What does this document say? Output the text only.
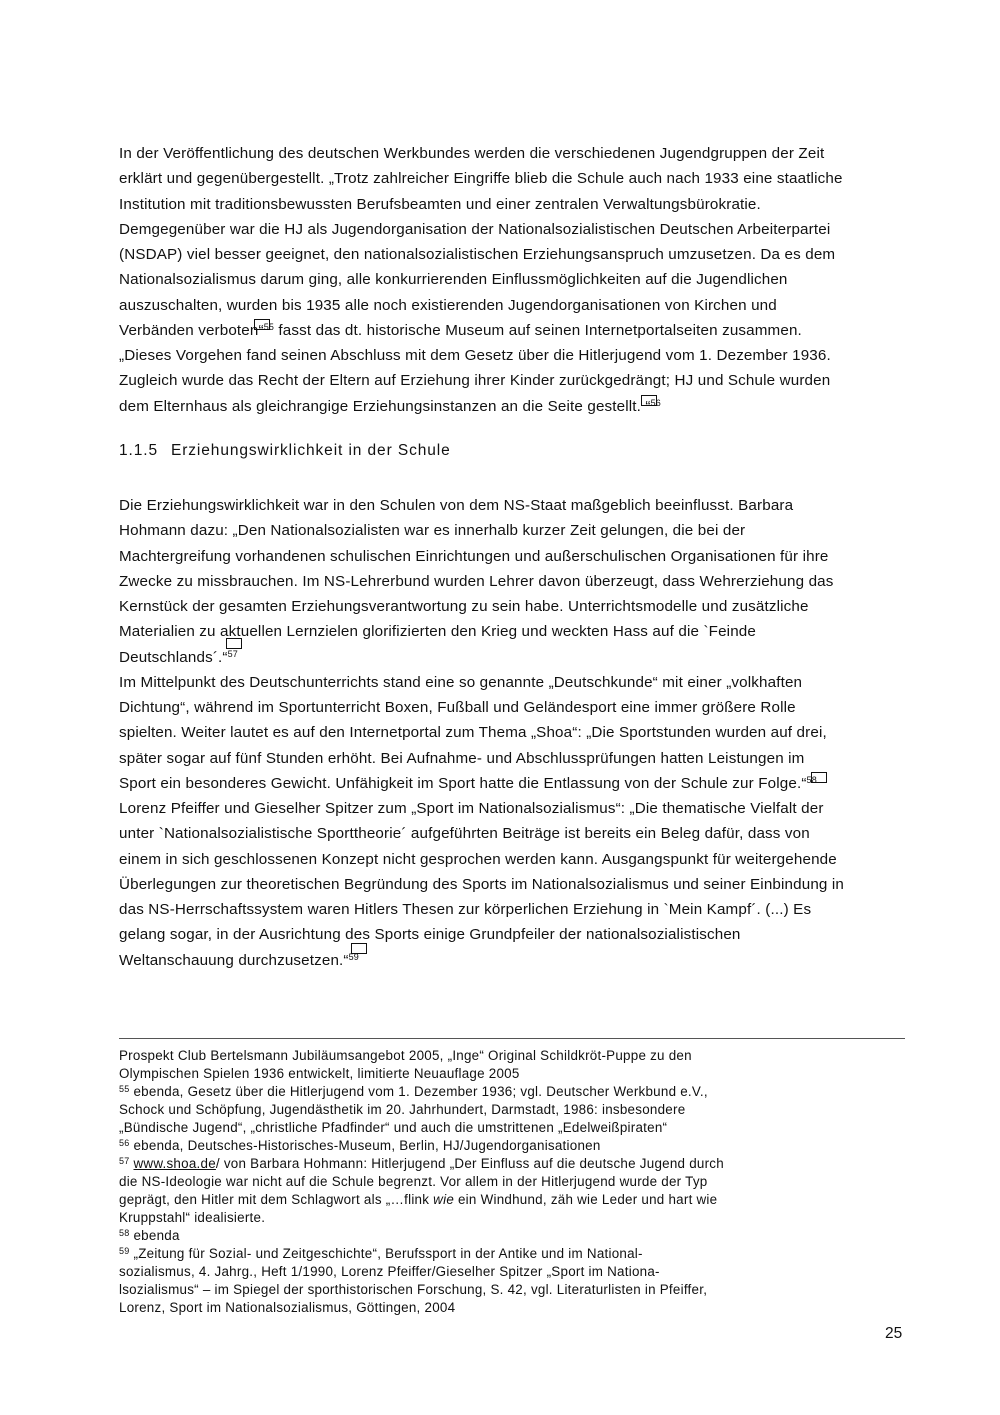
In der Veröffentlichung des deutschen Werkbundes werden die verschiedenen Jugendgruppen der Zeit

erklärt und gegenübergestellt. „Trotz zahlreicher Eingriffe blieb die Schule auch nach 1933 eine staatliche

Institution mit traditionsbewussten Berufsbeamten und einer zentralen Verwaltungsbürokratie.

Demgegenüber war die HJ als Jugendorganisation der Nationalsozialistischen Deutschen Arbeiterpartei

(NSDAP) viel besser geeignet, den nationalsozialistischen Erziehungsanspruch umzusetzen. Da es dem

Nationalsozialismus darum ging, alle konkurrierenden Einflussmöglichkeiten auf die Jugendlichen

auszuschalten, wurden bis 1935 alle noch existierenden Jugendorganisationen von Kirchen und

Verbänden verboten“
$^{55}$ fasst das dt. historische Museum auf seinen Internetportalseiten zusammen.

„Dieses Vorgehen fand seinen Abschluss mit dem Gesetz über die Hitlerjugend vom 1. Dezember 1936.

Zugleich wurde das Recht der Eltern auf Erziehung ihrer Kinder zurückgedrängt; HJ und Schule wurden

dem Elternhaus als gleichrangige Erziehungsinstanzen an die Seite gestellt. “
$^{56}$

1.1.5 Erziehungswirklichkeit in der Schule

Die Erziehungswirklichkeit war in den Schulen von dem NS-Staat maßgeblich beeinflusst. Barbara

Hohmann dazu: „Den Nationalsozialisten war es innerhalb kurzer Zeit gelungen, die bei der

Machtergreifung vorhandenen schulischen Einrichtungen und außerschulischen Organisationen für ihre

Zwecke zu missbrauchen. Im NS-Lehrerbund wurden Lehrer davon überzeugt, dass Wehrerziehung das

Kernstück der gesamten Erziehungsverantwortung zu sein habe. Unterrichtsmodelle und zusätzliche

Materialien zu aktuellen Lernzielen glorifizierten den Krieg und weckten Hass auf die `Feinde

Deutschlands´.“
$^{57}$

Im Mittelpunkt des Deutschunterrichts stand eine so genannte „Deutschkunde“ mit einer „volkhaften

Dichtung“, während im Sportunterricht Boxen, Fußball und Geländesport eine immer größere Rolle

spielten. Weiter lautet es auf den Internetportal zum Thema „Shoa“: „Die Sportstunden wurden auf drei,

später sogar auf fünf Stunden erhöht. Bei Aufnahme- und Abschlussprüfungen hatten Leistungen im

Sport ein besonderes Gewicht. Unfähigkeit im Sport hatte die Entlassung von der Schule zur Folge.“
$^{58}$

Lorenz Pfeiffer und Gieselher Spitzer zum „Sport im Nationalsozialismus“: „Die thematische Vielfalt der

unter `Nationalsozialistische Sporttheorie´ aufgeführten Beiträge ist bereits ein Beleg dafür, dass von

einem in sich geschlossenen Konzept nicht gesprochen werden kann. Ausgangspunkt für weitergehende

Überlegungen zur theoretischen Begründung des Sports im Nationalsozialismus und seiner Einbindung in

das NS-Herrschaftssystem waren Hitlers Thesen zur körperlichen Erziehung in `Mein Kampf´. (...) Es

gelang sogar, in der Ausrichtung des Sports einige Grundpfeiler der nationalsozialistischen

Weltanschauung durchzusetzen.“
$^{59}$

Prospekt Club Bertelsmann Jubiläumsangebot 2005, „Inge“ Original Schildkröt-Puppe zu den

Olympischen Spielen 1936 entwickelt, limitierte Neuauflage 2005

$^{55}$ ebenda, Gesetz über die Hitlerjugend vom 1. Dezember 1936; vgl. Deutscher Werkbund e.V.,

Schock und Schöpfung, Jugendästhetik im 20. Jahrhundert, Darmstadt, 1986: insbesondere

„Bündische Jugend“, „christliche Pfadfinder“ und auch die umstrittenen „Edelweißpiraten“

$^{56}$ ebenda, Deutsches-Historisches-Museum, Berlin, HJ/Jugendorganisationen

$^{57}$ www.shoa.de/ von Barbara Hohmann: Hitlerjugend „Der Einfluss auf die deutsche Jugend durch

die NS-Ideologie war nicht auf die Schule begrenzt. Vor allem in der Hitlerjugend wurde der Typ

geprägt, den Hitler mit dem Schlagwort als „…flink wie ein Windhund, zäh wie Leder und hart wie

Kruppstahl“ idealisierte.

$^{58}$ ebenda

$^{59}$ „Zeitung für Sozial- und Zeitgeschichte“, Berufssport in der Antike und im National-

sozialismus, 4. Jahrg., Heft 1/1990, Lorenz Pfeiffer/Gieselher Spitzer „Sport im Nationa-

lsozialismus“ – im Spiegel der sporthistorischen Forschung, S. 42, vgl. Literaturlisten in Pfeiffer,

Lorenz, Sport im Nationalsozialismus, Göttingen, 2004

25
